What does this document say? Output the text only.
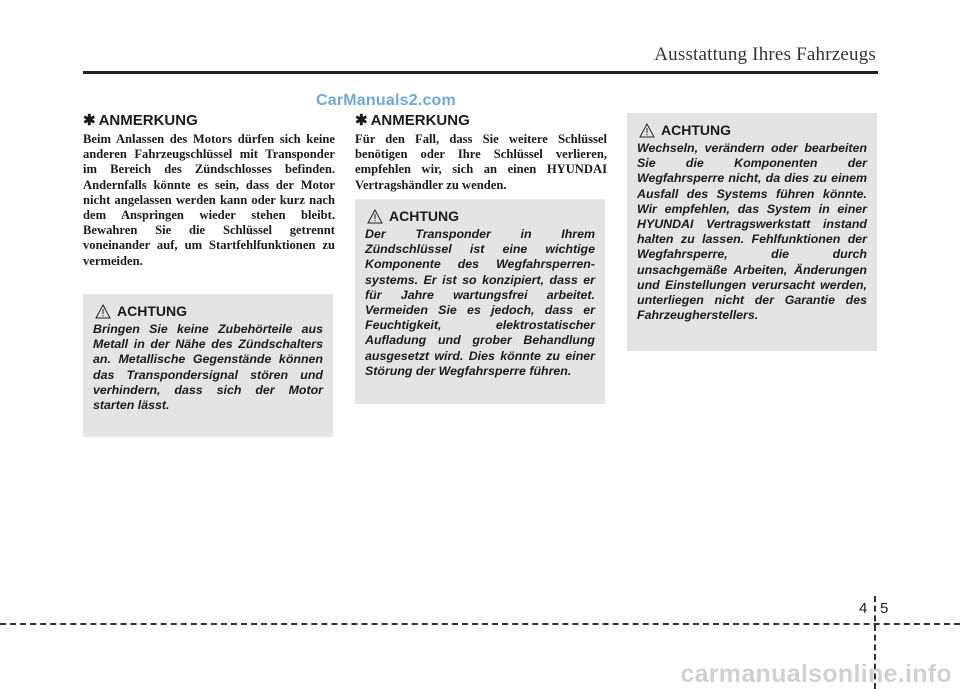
Ausstattung Ihres Fahrzeugs
CarManuals2.com
✱ ANMERKUNG

Beim Anlassen des Motors dürfen sich keine anderen Fahrzeugschlüssel mit Transponder im Bereich des Zündschlosses befinden. Andernfalls könnte es sein, dass der Motor nicht angelassen werden kann oder kurz nach dem Anspringen wieder stehen bleibt. Bewahren Sie die Schlüssel getrennt voneinander auf, um Startfehlfunktionen zu vermeiden.

ACHTUNG

Bringen Sie keine Zubehörteile aus Metall in der Nähe des Zündschalters an. Metallische Gegenstände können das Transpondersignal stören und verhindern, dass sich der Motor starten lässt.

✱ ANMERKUNG

Für den Fall, dass Sie weitere Schlüssel benötigen oder Ihre Schlüssel verlieren, empfehlen wir, sich an einen HYUNDAI Vertragshändler zu wenden.

ACHTUNG

Der Transponder in Ihrem Zündschlüssel ist eine wichtige Komponente des Wegfahrsperren-systems. Er ist so konzipiert, dass er für Jahre wartungsfrei arbeitet. Vermeiden Sie es jedoch, dass er Feuchtigkeit, elektrostatischer Aufladung und grober Behandlung ausgesetzt wird. Dies könnte zu einer Störung der Wegfahrsperre führen.

ACHTUNG

Wechseln, verändern oder bearbeiten Sie die Komponenten der Wegfahrsperre nicht, da dies zu einem Ausfall des Systems führen könnte. Wir empfehlen, das System in einer HYUNDAI Vertragswerkstatt instand halten zu lassen. Fehlfunktionen der Wegfahrsperre, die durch unsachgemäße Arbeiten, Änderungen und Einstellungen verursacht werden, unterliegen nicht der Garantie des Fahrzeugherstellers.

4 5
carmanualsonline.info
